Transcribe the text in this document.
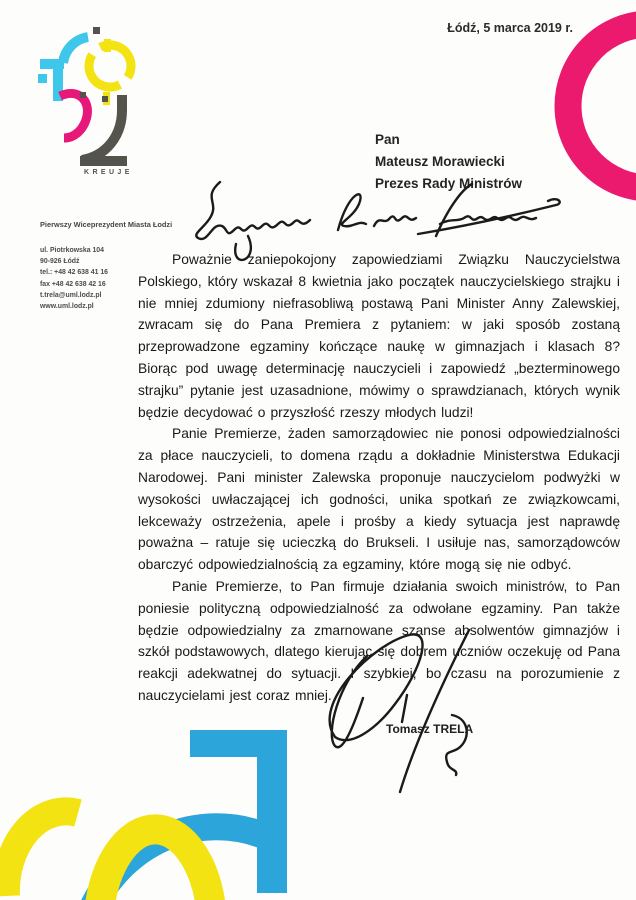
KREUJE
Łódź, 5 marca 2019 r.
Pan
Mateusz Morawiecki
Prezes Rady Ministrów
Pierwszy Wiceprezydent Miasta Łodzi
ul. Piotrkowska 104
90-926 Łódź
tel.: +48 42 638 41 16
fax +48 42 638 42 16
t.trela@uml.lodz.pl
www.uml.lodz.pl

Poważnie zaniepokojony zapowiedziami Związku Nauczycielstwa Polskiego, który wskazał 8 kwietnia jako początek nauczycielskiego strajku i nie mniej zdumiony niefrasobliwą postawą Pani Minister Anny Zalewskiej, zwracam się do Pana Premiera z pytaniem: w jaki sposób zostaną przeprowadzone egzaminy kończące naukę w gimnazjach i klasach 8? Biorąc pod uwagę determinację nauczycieli i zapowiedź „bezterminowego strajku” pytanie jest uzasadnione, mówimy o sprawdzianach, których wynik będzie decydować o przyszłość rzeszy młodych ludzi!

Panie Premierze, żaden samorządowiec nie ponosi odpowiedzialności za płace nauczycieli, to domena rządu a dokładnie Ministerstwa Edukacji Narodowej. Pani minister Zalewska proponuje nauczycielom podwyżki w wysokości uwłaczającej ich godności, unika spotkań ze związkowcami, lekceważy ostrzeżenia, apele i prośby a kiedy sytuacja jest naprawdę poważna – ratuje się ucieczką do Brukseli. I usiłuje nas, samorządowców obarczyć odpowiedzialnością za egzaminy, które mogą się nie odbyć.

Panie Premierze, to Pan firmuje działania swoich ministrów, to Pan poniesie polityczną odpowiedzialność za odwołane egzaminy. Pan także będzie odpowiedzialny za zmarnowane szanse absolwentów gimnazjów i szkół podstawowych, dlatego kierując się dobrem uczniów oczekuję od Pana reakcji adekwatnej do sytuacji. I szybkiej, bo czasu na porozumienie z nauczycielami jest coraz mniej.

Tomasz TRELA
